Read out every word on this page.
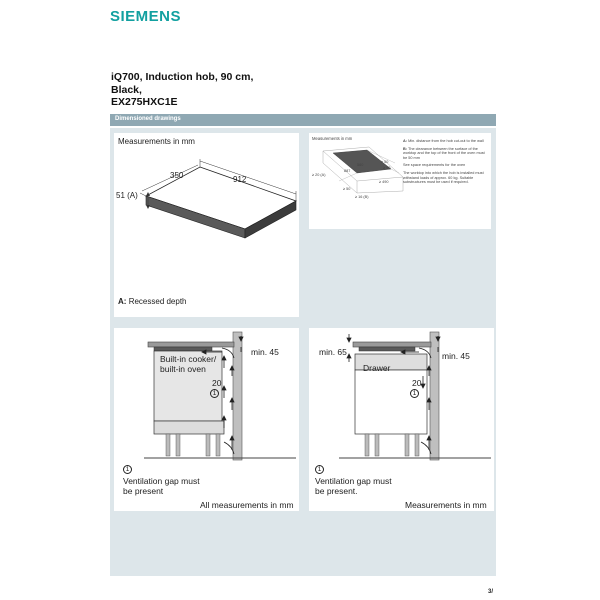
SIEMENS
iQ700, Induction hob, 90 cm,
Black,
EX275HXC1E
Dimensioned drawings
Measurements in mm
350	912
51 (A)
A: Recessed depth
Measurements in mm
≥ 50
≥ 50
560
≥ 20 (A)
887
≥ 490
≥ 50
≥ 16 (B)
A: Min. distance from the hob cut-out to the wall
B: The clearance between the surface of the worktop and the top of the front of the oven must be 50 mm
See space requirements for the oven
The worktop into which the hob is installed must withstand loads of approx. 60 kg. Suitable substructures must be used if required.
min. 45
Built-in cooker/
built-in oven
20
1
1
Ventilation gap must
be present
All measurements in mm
min. 65	min. 45
Drawer
20
1
1
Ventilation gap must
be present.
Measurements in mm
3/
